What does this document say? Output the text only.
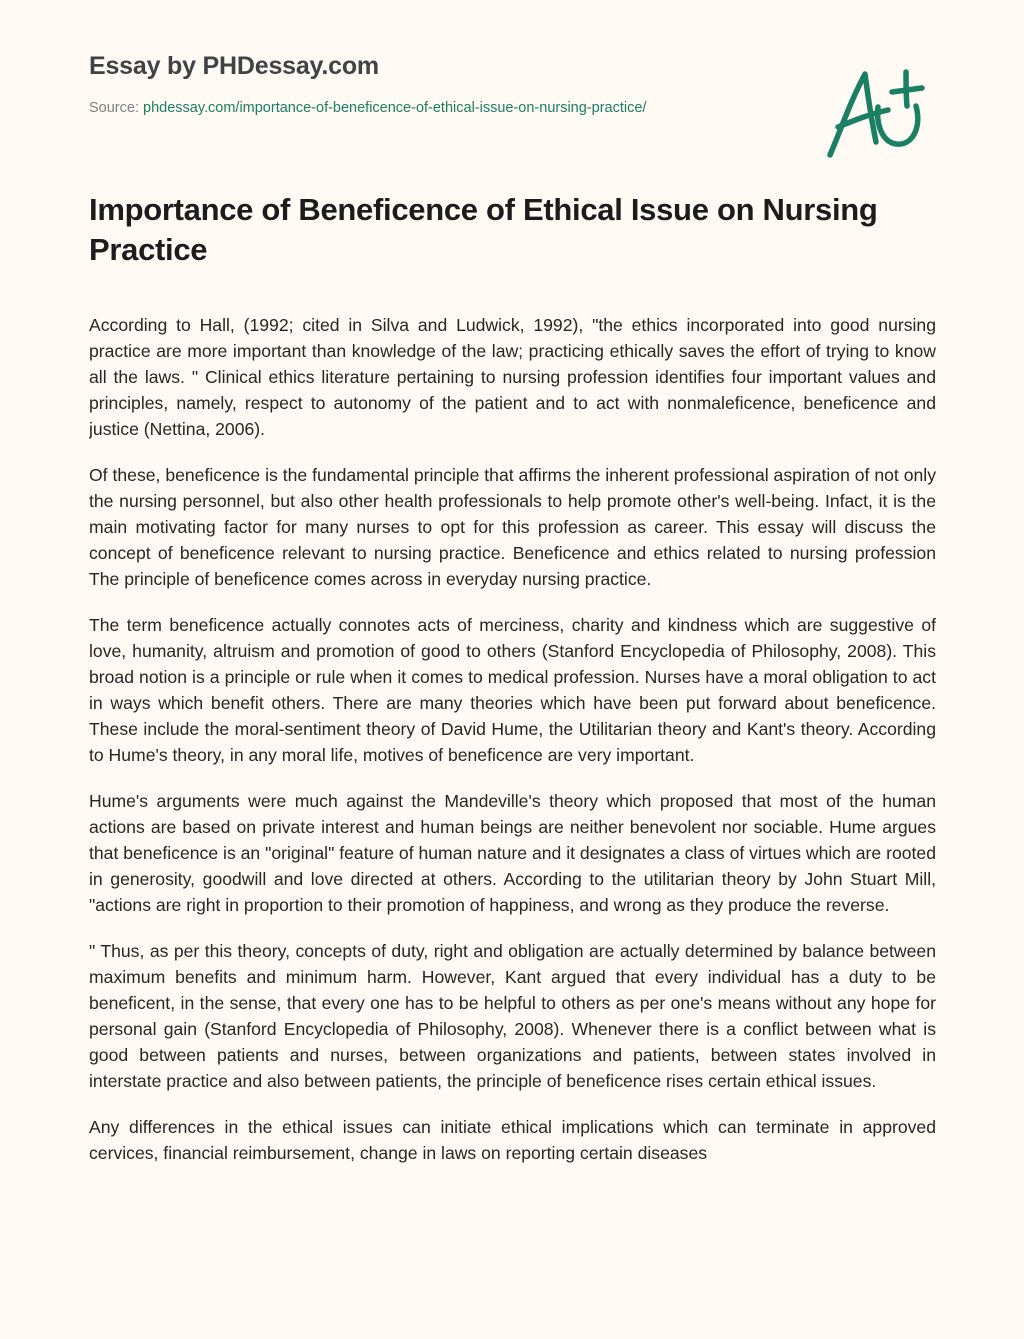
Essay by PHDessay.com
Source: phdessay.com/importance-of-beneficence-of-ethical-issue-on-nursing-practice/
Importance of Beneficence of Ethical Issue on Nursing Practice

According to Hall, (1992; cited in Silva and Ludwick, 1992), "the ethics incorporated into good nursing practice are more important than knowledge of the law; practicing ethically saves the effort of trying to know all the laws. " Clinical ethics literature pertaining to nursing profession identifies four important values and principles, namely, respect to autonomy of the patient and to act with nonmaleficence, beneficence and justice (Nettina, 2006).

Of these, beneficence is the fundamental principle that affirms the inherent professional aspiration of not only the nursing personnel, but also other health professionals to help promote other's well-being. Infact, it is the main motivating factor for many nurses to opt for this profession as career. This essay will discuss the concept of beneficence relevant to nursing practice. Beneficence and ethics related to nursing profession The principle of beneficence comes across in everyday nursing practice.

The term beneficence actually connotes acts of merciness, charity and kindness which are suggestive of love, humanity, altruism and promotion of good to others (Stanford Encyclopedia of Philosophy, 2008). This broad notion is a principle or rule when it comes to medical profession. Nurses have a moral obligation to act in ways which benefit others. There are many theories which have been put forward about beneficence. These include the moral-sentiment theory of David Hume, the Utilitarian theory and Kant's theory. According to Hume's theory, in any moral life, motives of beneficence are very important.

Hume's arguments were much against the Mandeville's theory which proposed that most of the human actions are based on private interest and human beings are neither benevolent nor sociable. Hume argues that beneficence is an "original" feature of human nature and it designates a class of virtues which are rooted in generosity, goodwill and love directed at others. According to the utilitarian theory by John Stuart Mill, "actions are right in proportion to their promotion of happiness, and wrong as they produce the reverse.

" Thus, as per this theory, concepts of duty, right and obligation are actually determined by balance between maximum benefits and minimum harm. However, Kant argued that every individual has a duty to be beneficent, in the sense, that every one has to be helpful to others as per one's means without any hope for personal gain (Stanford Encyclopedia of Philosophy, 2008). Whenever there is a conflict between what is good between patients and nurses, between organizations and patients, between states involved in interstate practice and also between patients, the principle of beneficence rises certain ethical issues.

Any differences in the ethical issues can initiate ethical implications which can terminate in approved cervices, financial reimbursement, change in laws on reporting certain diseases
